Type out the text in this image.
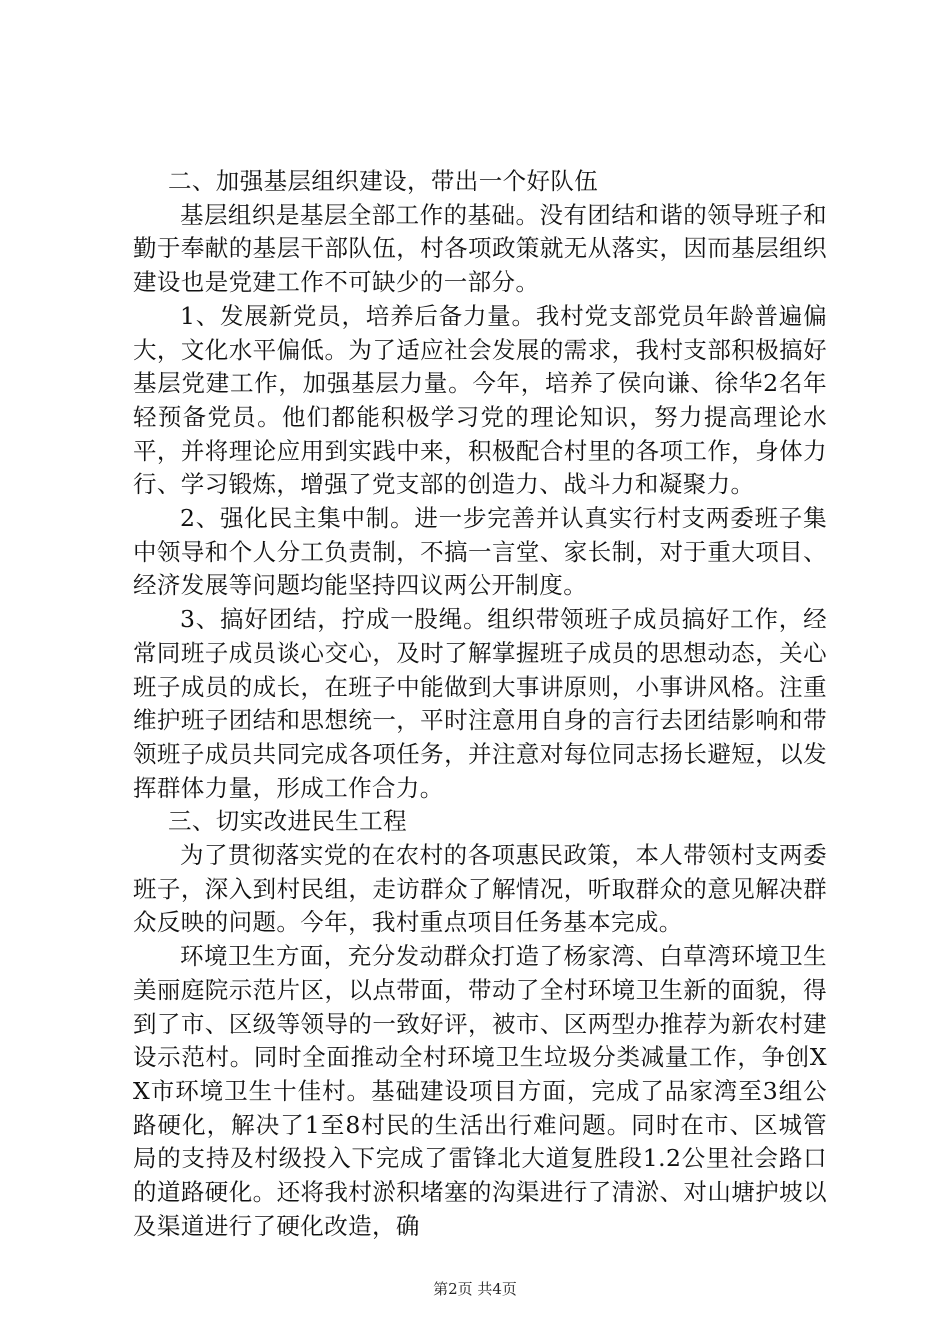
二、加强基层组织建设，带出一个好队伍

基层组织是基层全部工作的基础。没有团结和谐的领导班子和勤于奉献的基层干部队伍，村各项政策就无从落实，因而基层组织建设也是党建工作不可缺少的一部分。

1、发展新党员，培养后备力量。我村党支部党员年龄普遍偏大，文化水平偏低。为了适应社会发展的需求，我村支部积极搞好基层党建工作，加强基层力量。今年，培养了侯向谦、徐华2名年轻预备党员。他们都能积极学习党的理论知识，努力提高理论水平，并将理论应用到实践中来，积极配合村里的各项工作，身体力行、学习锻炼，增强了党支部的创造力、战斗力和凝聚力。

2、强化民主集中制。进一步完善并认真实行村支两委班子集中领导和个人分工负责制，不搞一言堂、家长制，对于重大项目、经济发展等问题均能坚持四议两公开制度。

3、搞好团结，拧成一股绳。组织带领班子成员搞好工作，经常同班子成员谈心交心，及时了解掌握班子成员的思想动态，关心班子成员的成长，在班子中能做到大事讲原则，小事讲风格。注重维护班子团结和思想统一，平时注意用自身的言行去团结影响和带领班子成员共同完成各项任务，并注意对每位同志扬长避短，以发挥群体力量，形成工作合力。

三、切实改进民生工程

为了贯彻落实党的在农村的各项惠民政策，本人带领村支两委班子，深入到村民组，走访群众了解情况，听取群众的意见解决群众反映的问题。今年，我村重点项目任务基本完成。

环境卫生方面，充分发动群众打造了杨家湾、白草湾环境卫生美丽庭院示范片区，以点带面，带动了全村环境卫生新的面貌，得到了市、区级等领导的一致好评，被市、区两型办推荐为新农村建设示范村。同时全面推动全村环境卫生垃圾分类减量工作，争创XX市环境卫生十佳村。基础建设项目方面，完成了品家湾至3组公路硬化，解决了1至8村民的生活出行难问题。同时在市、区城管局的支持及村级投入下完成了雷锋北大道复胜段1.2公里社会路口的道路硬化。还将我村淤积堵塞的沟渠进行了清淤、对山塘护坡以及渠道进行了硬化改造，确

第2页 共4页
